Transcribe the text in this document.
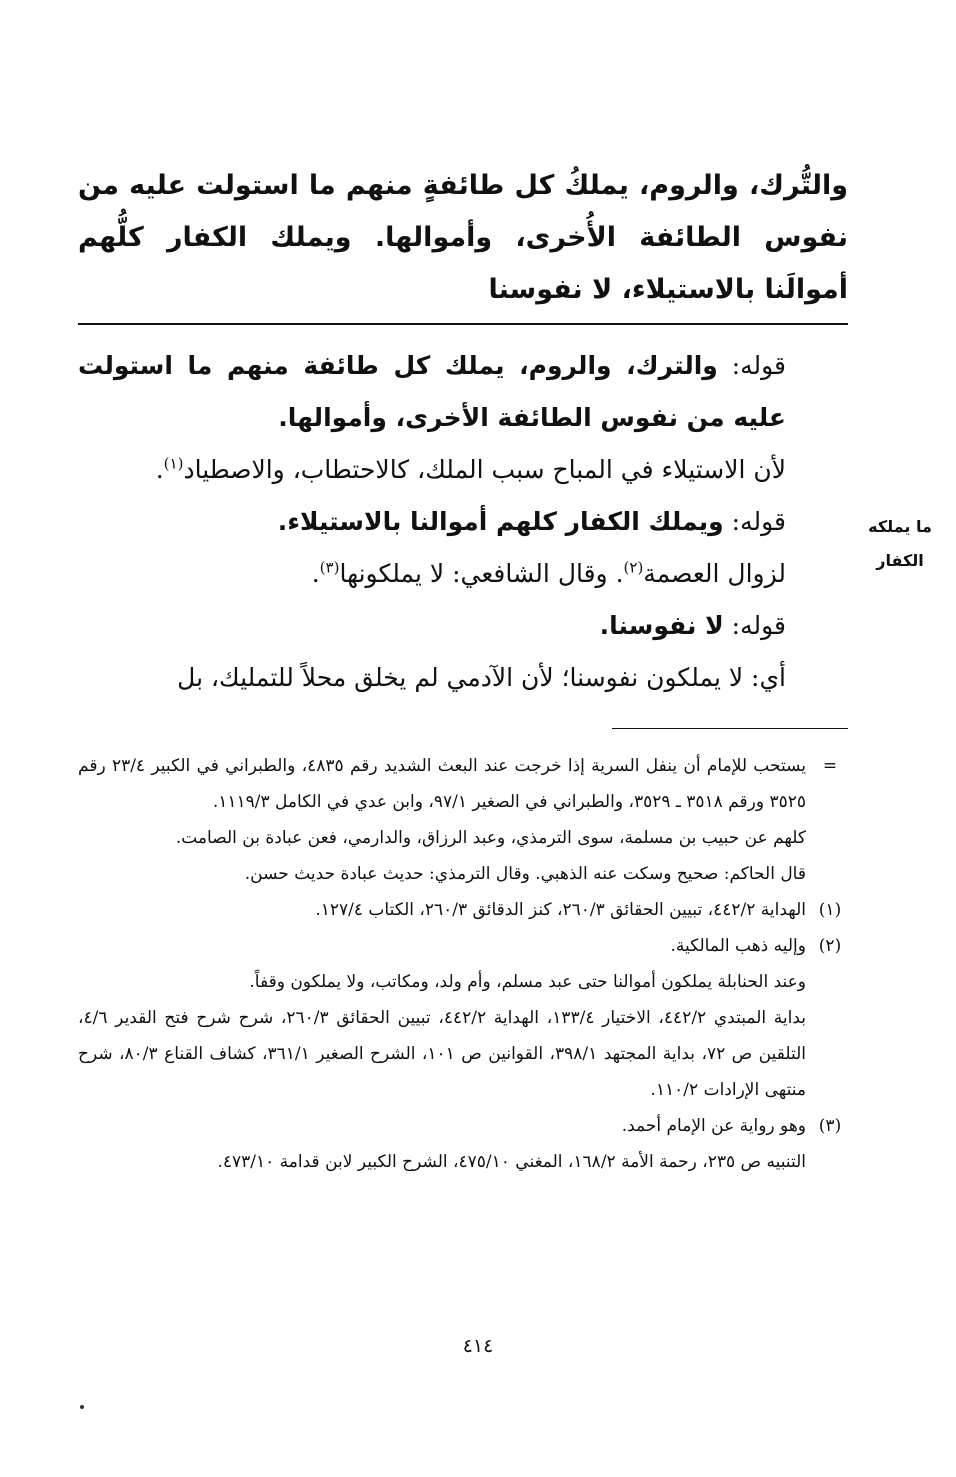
والتُّرك، والروم، يملكُ كل طائفةٍ منهم ما استولت عليه من نفوس الطائفة الأُخرى، وأموالها. ويملك الكفار كلُّهم أموالَنا بالاستيلاء، لا نفوسنا

قوله: والترك، والروم، يملك كل طائفة منهم ما استولت عليه من نفوس الطائفة الأخرى، وأموالها.

لأن الاستيلاء في المباح سبب الملك، كالاحتطاب، والاصطياد$^{(١)}$.

قوله: ويملك الكفار كلهم أموالنا بالاستيلاء.

لزوال العصمة$^{(٢)}$. وقال الشافعي: لا يملكونها$^{(٣)}$.

قوله: لا نفوسنا.

أي: لا يملكون نفوسنا؛ لأن الآدمي لم يخلق محلاً للتمليك، بل

ما يملكه
الكفار

=
يستحب للإمام أن ينفل السرية إذا خرجت عند البعث الشديد رقم ٤٨٣٥، والطبراني في الكبير ٢٣/٤ رقم ٣٥٢٥ ورقم ٣٥١٨ ـ ٣٥٢٩، والطبراني في الصغير ٩٧/١، وابن عدي في الكامل ١١١٩/٣.

كلهم عن حبيب بن مسلمة، سوى الترمذي، وعبد الرزاق، والدارمي، فعن عبادة بن الصامت.

قال الحاكم: صحيح وسكت عنه الذهبي. وقال الترمذي: حديث عبادة حديث حسن.

(١)
الهداية ٤٤٢/٢، تبيين الحقائق ٢٦٠/٣، كنز الدقائق ٢٦٠/٣، الكتاب ١٢٧/٤.

(٢)
وإليه ذهب المالكية.

وعند الحنابلة يملكون أموالنا حتى عبد مسلم، وأم ولد، ومكاتب، ولا يملكون وقفاً.

بداية المبتدي ٤٤٢/٢، الاختيار ١٣٣/٤، الهداية ٤٤٢/٢، تبيين الحقائق ٢٦٠/٣، شرح شرح فتح القدير ٤/٦، التلقين ص ٧٢، بداية المجتهد ٣٩٨/١، القوانين ص ١٠١، الشرح الصغير ٣٦١/١، كشاف القناع ٨٠/٣، شرح منتهى الإرادات ١١٠/٢.

(٣)
وهو رواية عن الإمام أحمد.

التنبيه ص ٢٣٥، رحمة الأمة ١٦٨/٢، المغني ٤٧٥/١٠، الشرح الكبير لابن قدامة ٤٧٣/١٠.

٤١٤
